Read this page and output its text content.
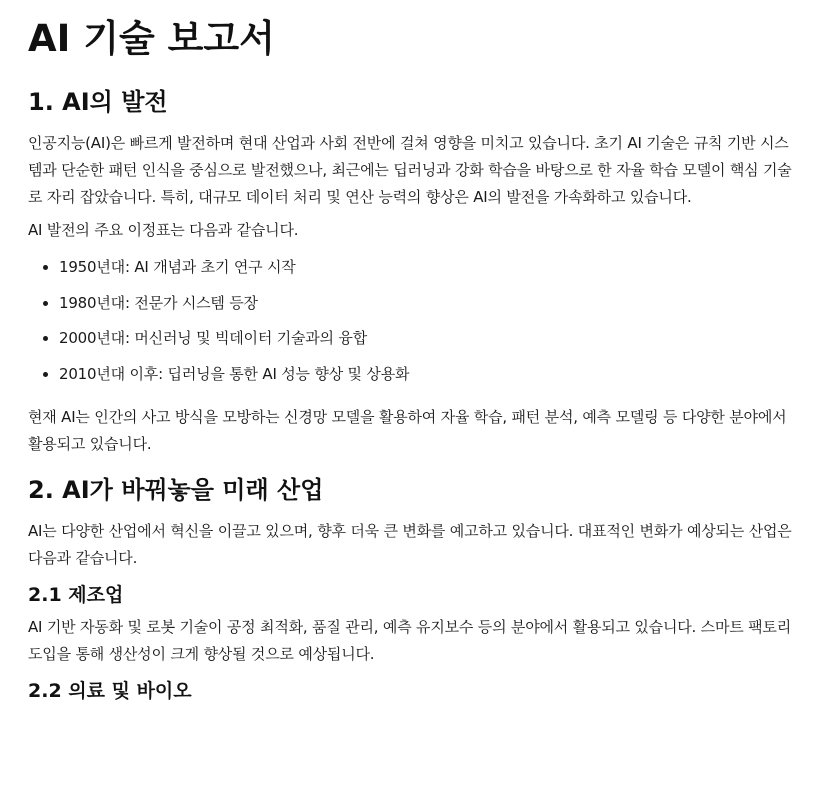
AI 기술 보고서
1. AI의 발전

인공지능(AI)은 빠르게 발전하며 현대 산업과 사회 전반에 걸쳐 영향을 미치고 있습니다. 초기 AI 기술은 규칙 기반 시스템과 단순한 패턴 인식을 중심으로 발전했으나, 최근에는 딥러닝과 강화 학습을 바탕으로 한 자율 학습 모델이 핵심 기술로 자리 잡았습니다. 특히, 대규모 데이터 처리 및 연산 능력의 향상은 AI의 발전을 가속화하고 있습니다.

AI 발전의 주요 이정표는 다음과 같습니다.

• 1950년대: AI 개념과 초기 연구 시작
• 1980년대: 전문가 시스템 등장
• 2000년대: 머신러닝 및 빅데이터 기술과의 융합
• 2010년대 이후: 딥러닝을 통한 AI 성능 향상 및 상용화

현재 AI는 인간의 사고 방식을 모방하는 신경망 모델을 활용하여 자율 학습, 패턴 분석, 예측 모델링 등 다양한 분야에서 활용되고 있습니다.

2. AI가 바꿔놓을 미래 산업

AI는 다양한 산업에서 혁신을 이끌고 있으며, 향후 더욱 큰 변화를 예고하고 있습니다. 대표적인 변화가 예상되는 산업은 다음과 같습니다.

2.1 제조업

AI 기반 자동화 및 로봇 기술이 공정 최적화, 품질 관리, 예측 유지보수 등의 분야에서 활용되고 있습니다. 스마트 팩토리 도입을 통해 생산성이 크게 향상될 것으로 예상됩니다.

2.2 의료 및 바이오
